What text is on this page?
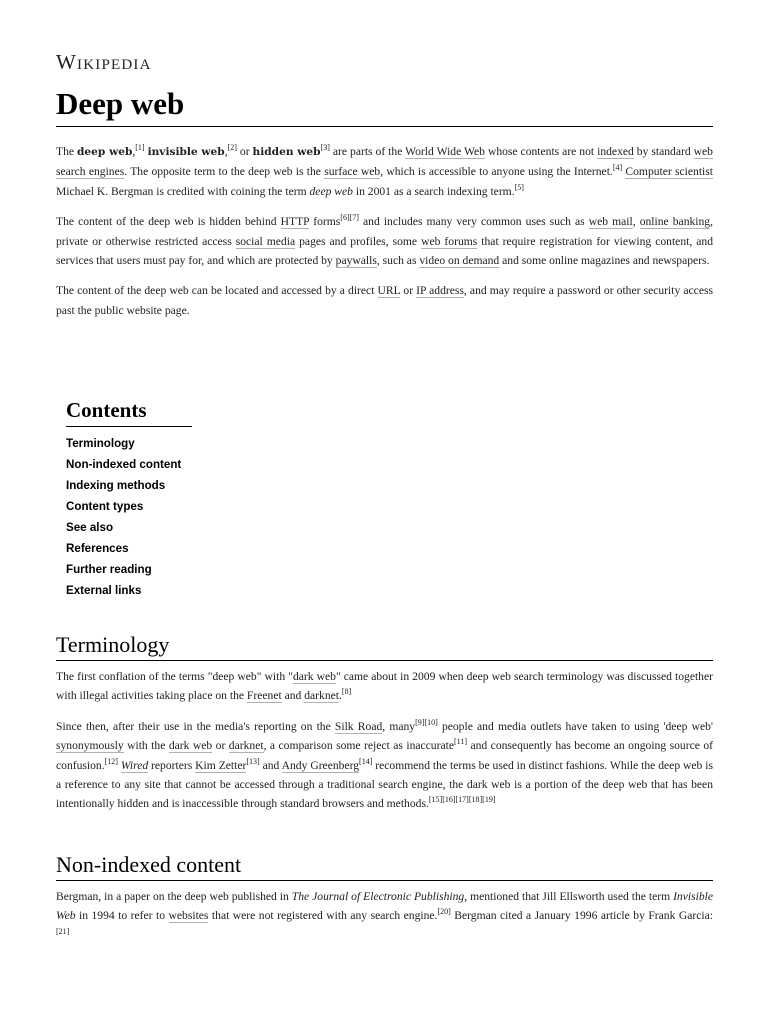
Wikipedia
Deep web

The deep web,[1] invisible web,[2] or hidden web[3] are parts of the World Wide Web whose contents are not indexed by standard web search engines. The opposite term to the deep web is the surface web, which is accessible to anyone using the Internet.[4] Computer scientist Michael K. Bergman is credited with coining the term deep web in 2001 as a search indexing term.[5]

The content of the deep web is hidden behind HTTP forms[6][7] and includes many very common uses such as web mail, online banking, private or otherwise restricted access social media pages and profiles, some web forums that require registration for viewing content, and services that users must pay for, and which are protected by paywalls, such as video on demand and some online magazines and newspapers.

The content of the deep web can be located and accessed by a direct URL or IP address, and may require a password or other security access past the public website page.

Contents
Terminology
Non-indexed content
Indexing methods
Content types
See also
References
Further reading
External links
Terminology

The first conflation of the terms "deep web" with "dark web" came about in 2009 when deep web search terminology was discussed together with illegal activities taking place on the Freenet and darknet.[8]

Since then, after their use in the media's reporting on the Silk Road, many[9][10] people and media outlets have taken to using 'deep web' synonymously with the dark web or darknet, a comparison some reject as inaccurate[11] and consequently has become an ongoing source of confusion.[12] Wired reporters Kim Zetter[13] and Andy Greenberg[14] recommend the terms be used in distinct fashions. While the deep web is a reference to any site that cannot be accessed through a traditional search engine, the dark web is a portion of the deep web that has been intentionally hidden and is inaccessible through standard browsers and methods.[15][16][17][18][19]

Non-indexed content

Bergman, in a paper on the deep web published in The Journal of Electronic Publishing, mentioned that Jill Ellsworth used the term Invisible Web in 1994 to refer to websites that were not registered with any search engine.[20] Bergman cited a January 1996 article by Frank Garcia:[21]
